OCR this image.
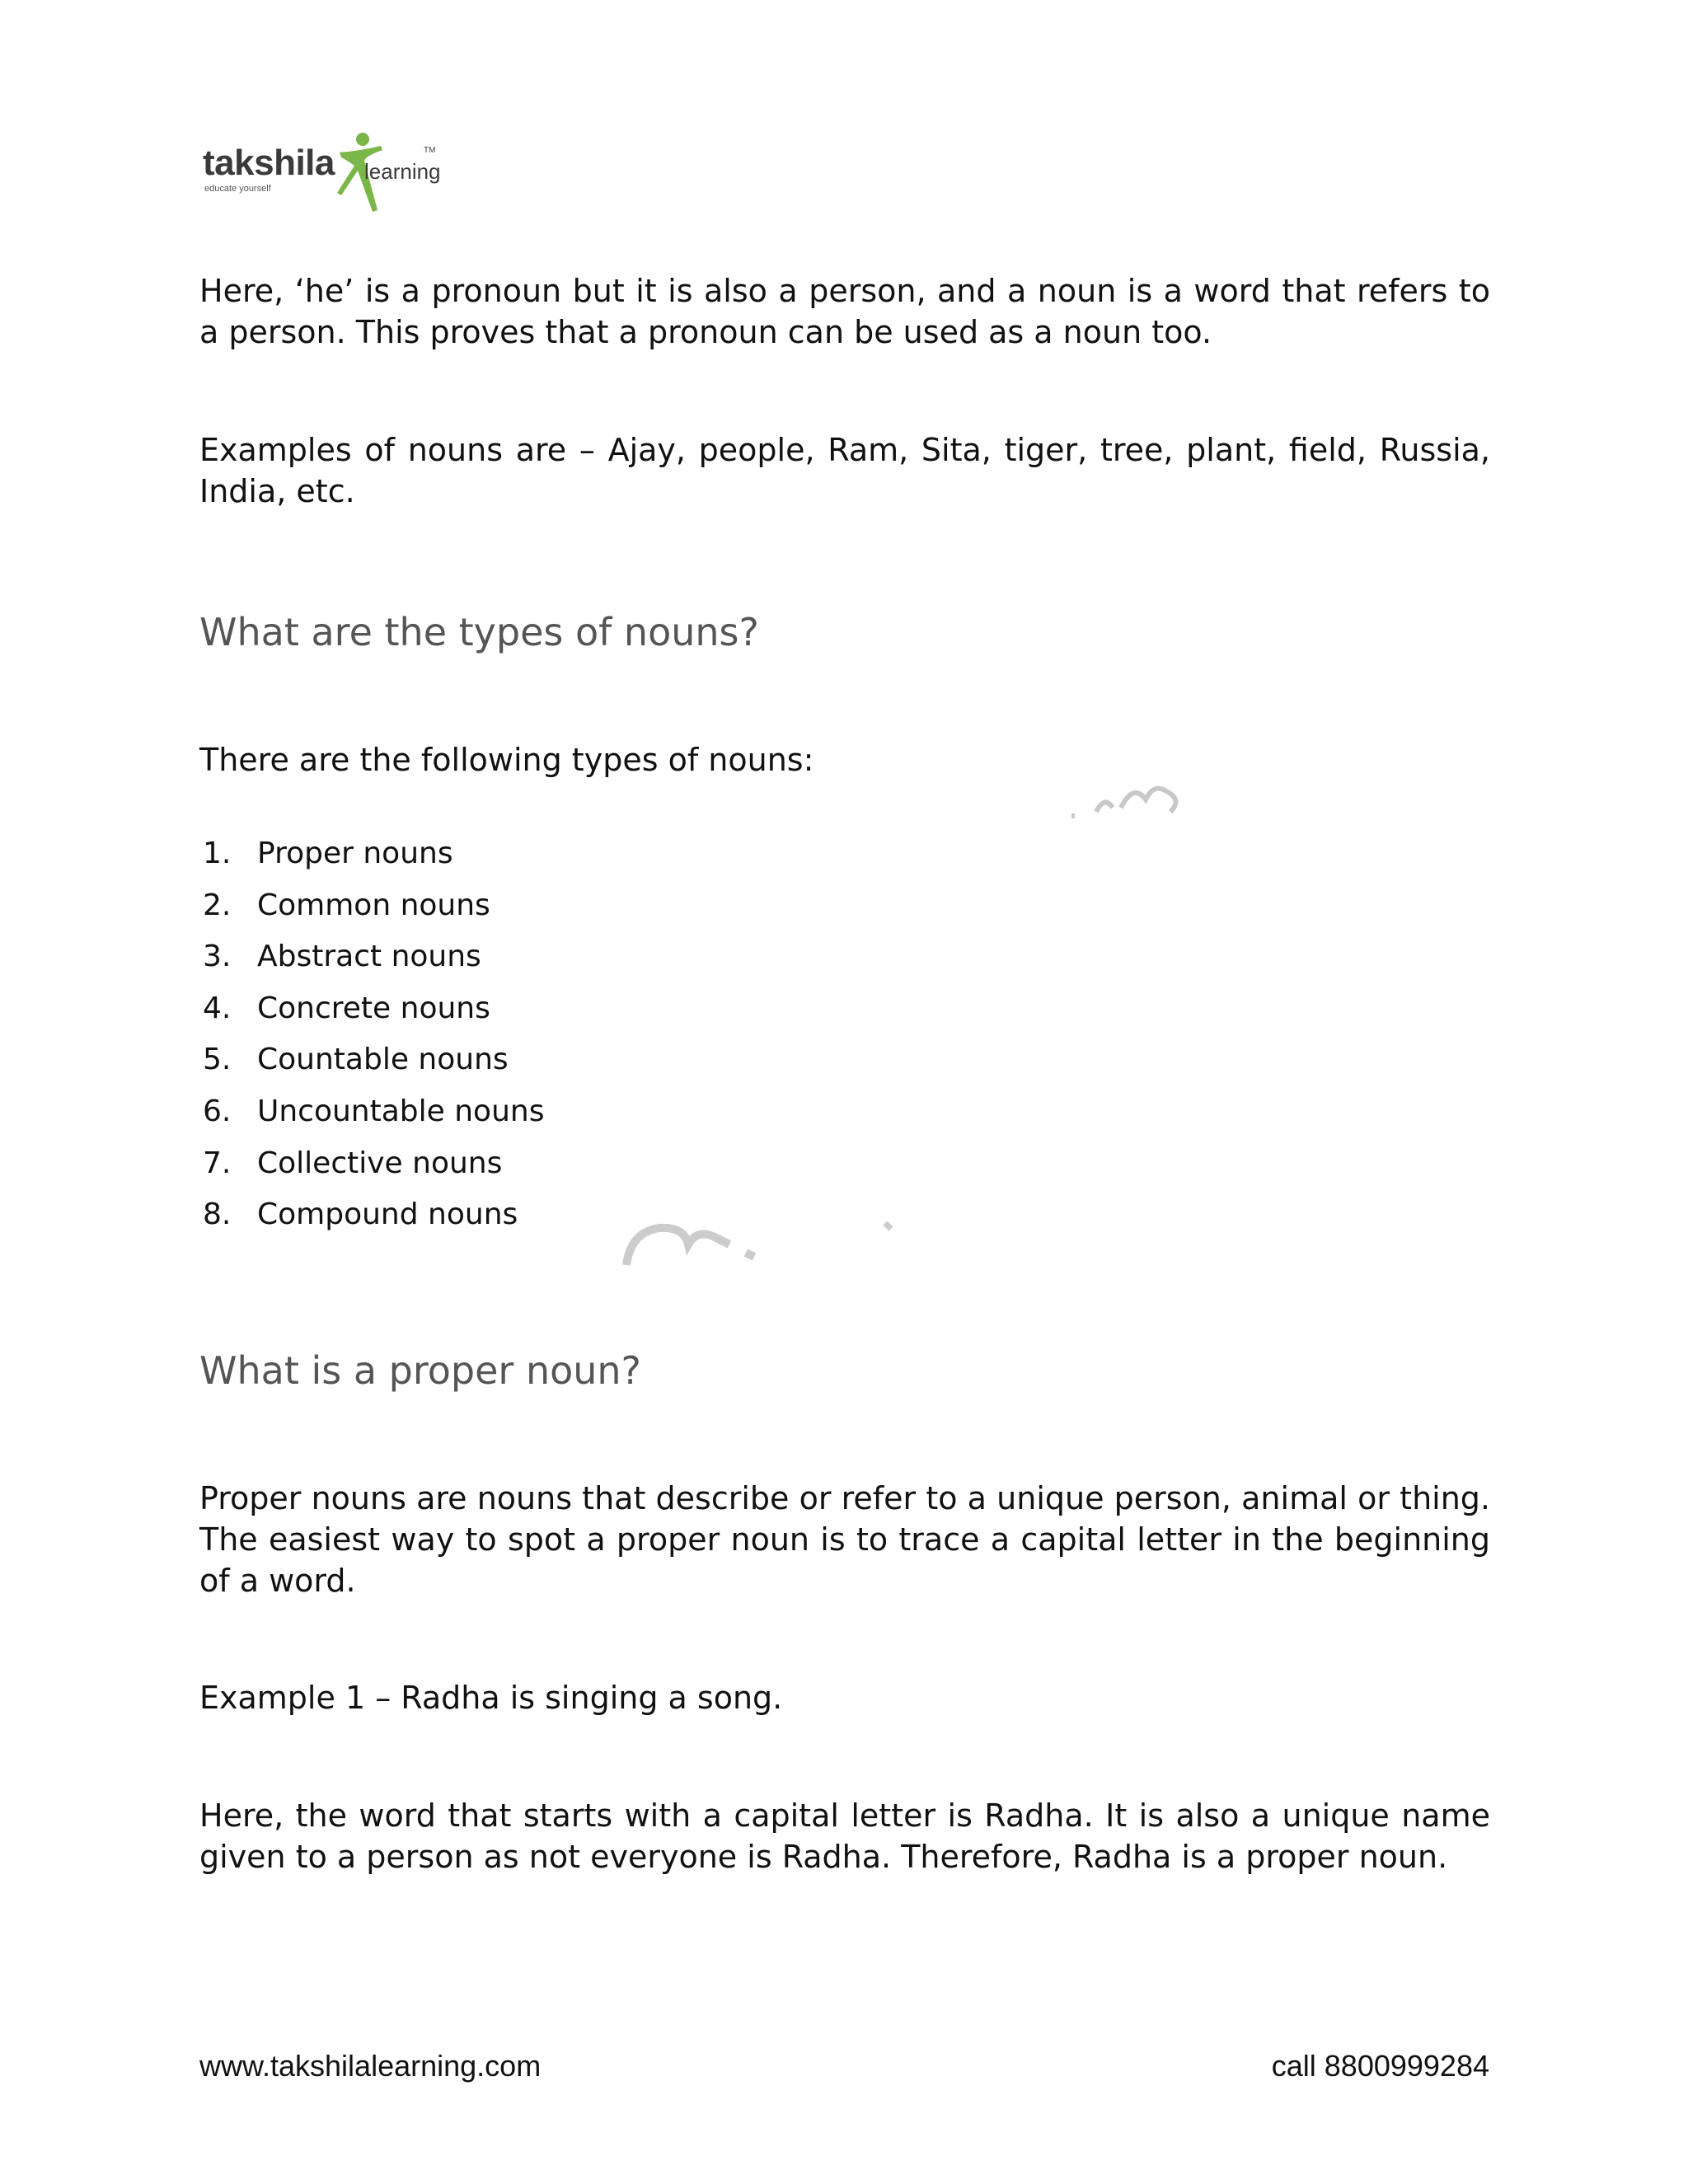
takshila learning
TM
educate yourself

Here, ‘he’ is a pronoun but it is also a person, and a noun is a word that refers to a person. This proves that a pronoun can be used as a noun too.

Examples of nouns are – Ajay, people, Ram, Sita, tiger, tree, plant, field, Russia, India, etc.

What are the types of nouns?

There are the following types of nouns:

1. Proper nouns
2. Common nouns
3. Abstract nouns
4. Concrete nouns
5. Countable nouns
6. Uncountable nouns
7. Collective nouns
8. Compound nouns
What is a proper noun?

Proper nouns are nouns that describe or refer to a unique person, animal or thing. The easiest way to spot a proper noun is to trace a capital letter in the beginning of a word.

Example 1 – Radha is singing a song.

Here, the word that starts with a capital letter is Radha. It is also a unique name given to a person as not everyone is Radha. Therefore, Radha is a proper noun.

www.takshilalearning.com	call 8800999284
